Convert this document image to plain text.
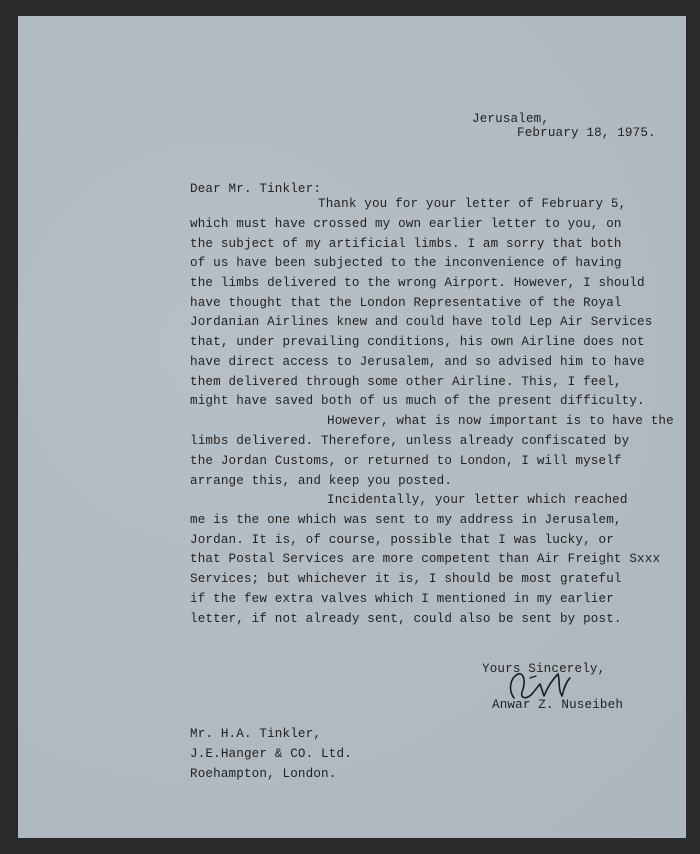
Jerusalem,
February 18, 1975.
Dear Mr. Tinkler:
Thank you for your letter of February 5,
which must have crossed my own earlier letter to you, on
the subject of my artificial limbs. I am sorry that both
of us have been subjected to the inconvenience of having
the limbs delivered to the wrong Airport. However, I should
have thought that the London Representative of the Royal
Jordanian Airlines knew and could have told Lep Air Services
that, under prevailing conditions, his own Airline does not
have direct access to Jerusalem, and so advised him to have
them delivered through some other Airline. This, I feel,
might have saved both of us much of the present difficulty.
However, what is now important is to have the
limbs delivered. Therefore, unless already confiscated by
the Jordan Customs, or returned to London, I will myself
arrange this, and keep you posted.
Incidentally, your letter which reached
me is the one which was sent to my address in Jerusalem,
Jordan. It is, of course, possible that I was lucky, or
that Postal Services are more competent than Air Freight Sxxx
Services; but whichever it is, I should be most grateful
if the few extra valves which I mentioned in my earlier
letter, if not already sent, could also be sent by post.
Yours Sincerely,
Anwar Z. Nuseibeh
Mr. H.A. Tinkler,
J.E.Hanger & CO. Ltd.
Roehampton, London.
